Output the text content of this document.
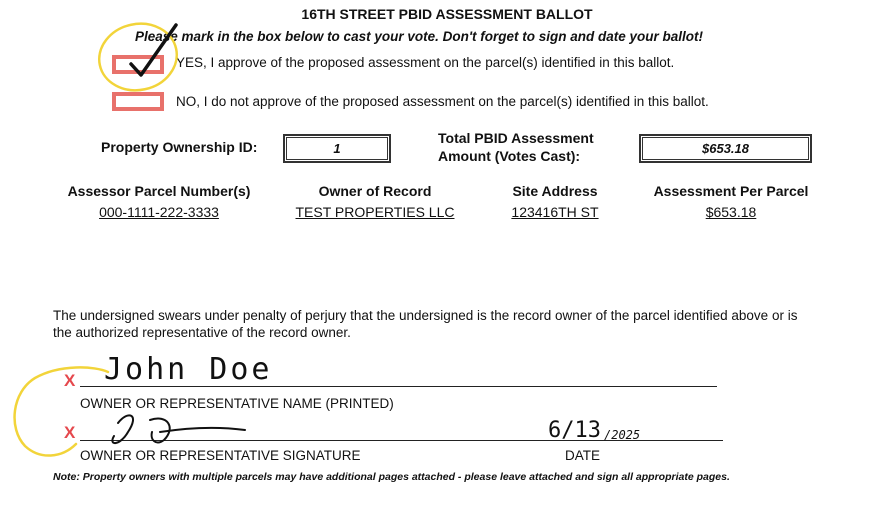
16TH STREET PBID ASSESSMENT BALLOT
Please mark in the box below to cast your vote. Don't forget to sign and date your ballot!
YES, I approve of the proposed assessment on the parcel(s) identified in this ballot.
NO, I do not approve of the proposed assessment on the parcel(s) identified in this ballot.
Property Ownership ID:	1
Total PBID Assessment
Amount (Votes Cast):	$653.18
Assessor Parcel Number(s)	Owner of Record	Site Address	Assessment Per Parcel
000-1111-222-3333	TEST PROPERTIES LLC	123416TH ST	$653.18
The undersigned swears under penalty of perjury that the undersigned is the record owner of the parcel identified above or is the authorized representative of the record owner.
X John Doe
OWNER OR REPRESENTATIVE NAME (PRINTED)
X
OWNER OR REPRESENTATIVE SIGNATURE
6/13 /2025
DATE
Note: Property owners with multiple parcels may have additional pages attached - please leave attached and sign all appropriate pages.
